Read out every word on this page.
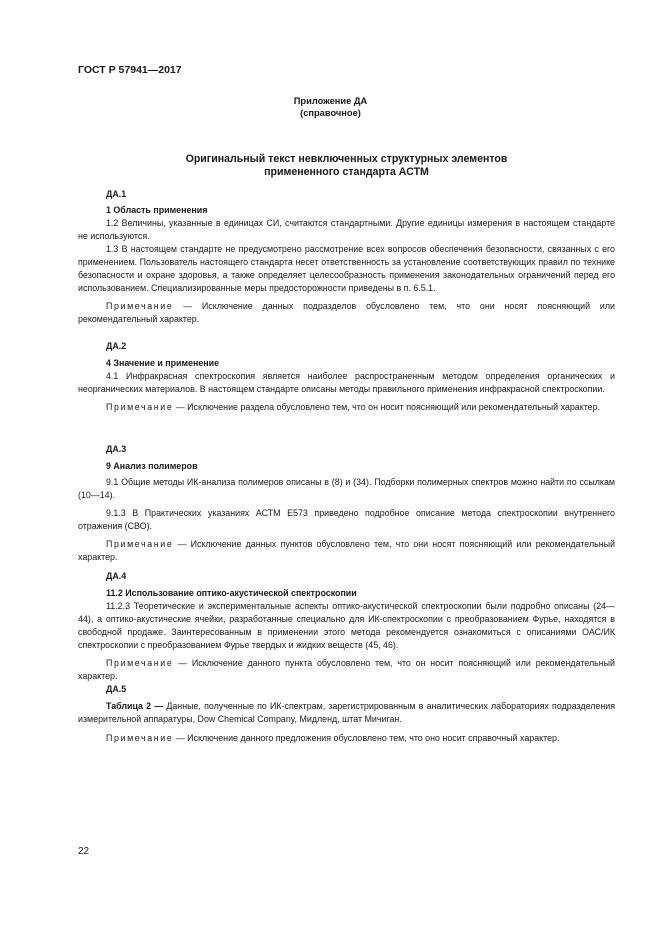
ГОСТ Р 57941—2017
Приложение ДА
(справочное)
Оригинальный текст невключенных структурных элементов
примененного стандарта АСТМ
ДА.1
1 Область применения
1.2 Величины, указанные в единицах СИ, считаются стандартными. Другие единицы измерения в настоящем стандарте не используются.
1.3 В настоящем стандарте не предусмотрено рассмотрение всех вопросов обеспечения безопасности, связанных с его применением. Пользователь настоящего стандарта несет ответственность за установление соответствующих правил по технике безопасности и охране здоровья, а также определяет целесообразность применения законодательных ограничений перед его использованием. Специализированные меры предосторожности приведены в п. 6.5.1.
Примечание — Исключение данных подразделов обусловлено тем, что они носят поясняющий или рекомендательный характер.
ДА.2
4 Значение и применение
4.1 Инфракрасная спектроскопия является наиболее распространенным методом определения органических и неорганических материалов. В настоящем стандарте описаны методы правильного применения инфракрасной спектроскопии.
Примечание — Исключение раздела обусловлено тем, что он носит поясняющий или рекомендательный характер.
ДА.3
9 Анализ полимеров
9.1 Общие методы ИК-анализа полимеров описаны в (8) и (34). Подборки полимерных спектров можно найти по ссылкам (10—14).
9.1.3 В Практических указаниях АСТМ Е573 приведено подробное описание метода спектроскопии внутреннего отражения (СВО).
Примечание — Исключение данных пунктов обусловлено тем, что они носят поясняющий или рекомендательный характер.
ДА.4
11.2 Использование оптико-акустической спектроскопии
11.2.3 Теоретические и экспериментальные аспекты оптико-акустической спектроскопии были подробно описаны (24—44), а оптико-акустические ячейки, разработанные специально для ИК-спектроскопии с преобразованием Фурье, находятся в свободной продаже. Заинтересованным в применении этого метода рекомендуется ознакомиться с описаниями ОАС/ИК спектроскопии с преобразованием Фурье твердых и жидких веществ (45, 46).
Примечание — Исключение данного пункта обусловлено тем, что он носит поясняющий или рекомендательный характер.
ДА.5
Таблица 2 — Данные, полученные по ИК-спектрам, зарегистрированным в аналитических лабораториях подразделения измерительной аппаратуры, Dow Chemical Company, Мидленд, штат Мичиган.
Примечание — Исключение данного предложения обусловлено тем, что оно носит справочный характер.
22
